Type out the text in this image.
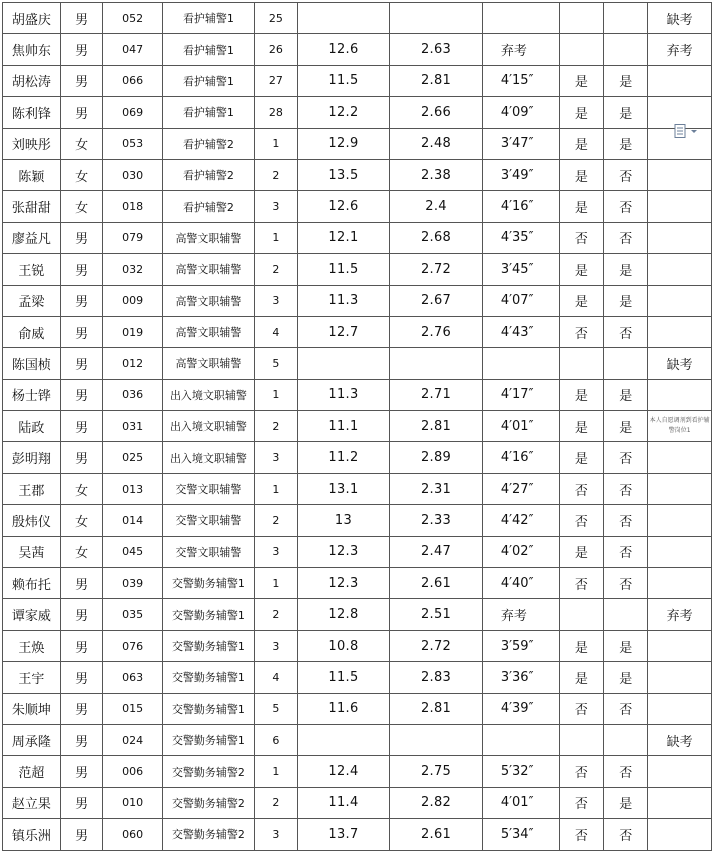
胡盛庆	男	052	看护辅警1	25						缺考
焦帅东	男	047	看护辅警1	26	12.6	2.63	弃考			弃考
胡松涛	男	066	看护辅警1	27	11.5	2.81	4′15″	是	是	
陈利锋	男	069	看护辅警1	28	12.2	2.66	4′09″	是	是	
刘映彤	女	053	看护辅警2	1	12.9	2.48	3′47″	是	是	
陈颖	女	030	看护辅警2	2	13.5	2.38	3′49″	是	否	
张甜甜	女	018	看护辅警2	3	12.6	2.4	4′16″	是	否	
廖益凡	男	079	高警文职辅警	1	12.1	2.68	4′35″	否	否	
王锐	男	032	高警文职辅警	2	11.5	2.72	3′45″	是	是	
孟梁	男	009	高警文职辅警	3	11.3	2.67	4′07″	是	是	
俞威	男	019	高警文职辅警	4	12.7	2.76	4′43″	否	否	
陈国桢	男	012	高警文职辅警	5						缺考
杨士铧	男	036	出入境文职辅警	1	11.3	2.71	4′17″	是	是	
陆政	男	031	出入境文职辅警	2	11.1	2.81	4′01″	是	是	本人自愿调剂到看护辅警岗位1
彭明翔	男	025	出入境文职辅警	3	11.2	2.89	4′16″	是	否	
王郡	女	013	交警文职辅警	1	13.1	2.31	4′27″	否	否	
殷炜仪	女	014	交警文职辅警	2	13	2.33	4′42″	否	否	
吴茜	女	045	交警文职辅警	3	12.3	2.47	4′02″	是	否	
赖布托	男	039	交警勤务辅警1	1	12.3	2.61	4′40″	否	否	
谭家威	男	035	交警勤务辅警1	2	12.8	2.51	弃考			弃考
王焕	男	076	交警勤务辅警1	3	10.8	2.72	3′59″	是	是	
王宇	男	063	交警勤务辅警1	4	11.5	2.83	3′36″	是	是	
朱顺坤	男	015	交警勤务辅警1	5	11.6	2.81	4′39″	否	否	
周承隆	男	024	交警勤务辅警1	6						缺考
范超	男	006	交警勤务辅警2	1	12.4	2.75	5′32″	否	否	
赵立果	男	010	交警勤务辅警2	2	11.4	2.82	4′01″	否	是	
镇乐洲	男	060	交警勤务辅警2	3	13.7	2.61	5′34″	否	否	
